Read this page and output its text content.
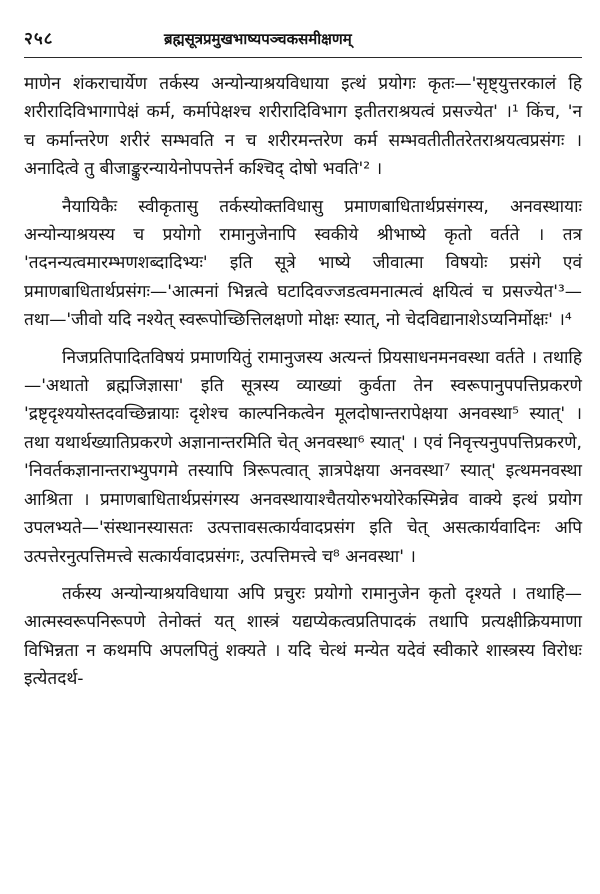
२५८	ब्रह्मसूत्रप्रमुखभाष्यपञ्चकसमीक्षणम्

माणेन शंकराचार्येण तर्कस्य अन्योन्याश्रयविधाया इत्थं प्रयोगः कृतः—'सृष्ट्युत्तरकालं हि शरीरादिविभागापेक्षं कर्म, कर्मापेक्षश्च शरीरादिविभाग इतीतराश्रयत्वं प्रसज्येत' ।¹ किंच, 'न च कर्मान्तरेण शरीरं सम्भवति न च शरीरमन्तरेण कर्म सम्भवतीतीतरेतराश्रयत्वप्रसंगः । अनादित्वे तु बीजाङ्कुरन्यायेनोपपत्तेर्न कश्चिद् दोषो भवति'² ।

नैयायिकैः स्वीकृतासु तर्कस्योक्तविधासु प्रमाणबाधितार्थप्रसंगस्य, अनवस्थायाः अन्योन्याश्रयस्य च प्रयोगो रामानुजेनापि स्वकीये श्रीभाष्ये कृतो वर्तते । तत्र 'तदनन्यत्वमारम्भणशब्दादिभ्यः' इति सूत्रे भाष्ये जीवात्मा विषयोः प्रसंगे एवं प्रमाणबाधितार्थप्रसंगः—'आत्मनां भिन्नत्वे घटादिवज्जडत्वमनात्मत्वं क्षयित्वं च प्रसज्येत'³—तथा—'जीवो यदि नश्येत् स्वरूपोच्छित्तिलक्षणो मोक्षः स्यात्, नो चेदविद्यानाशेऽप्यनिर्मोक्षः' ।⁴

निजप्रतिपादितविषयं प्रमाणयितुं रामानुजस्य अत्यन्तं प्रियसाधनमनवस्था वर्तते । तथाहि—'अथातो ब्रह्मजिज्ञासा' इति सूत्रस्य व्याख्यां कुर्वता तेन स्वरूपानुपपत्तिप्रकरणे 'द्रष्टृदृश्ययोस्तदवच्छिन्नायाः दृशेश्च काल्पनिकत्वेन मूलदोषान्तरापेक्षया अनवस्था⁵ स्यात्' । तथा यथार्थख्यातिप्रकरणे अज्ञानान्तरमिति चेत् अनवस्था⁶ स्यात्' । एवं निवृत्त्यनुपपत्तिप्रकरणे, 'निवर्तकज्ञानान्तराभ्युपगमे तस्यापि त्रिरूपत्वात् ज्ञात्रपेक्षया अनवस्था⁷ स्यात्' इत्थमनवस्था आश्रिता । प्रमाणबाधितार्थप्रसंगस्य अनवस्थायाश्चैतयोरुभयोरेकस्मिन्नेव वाक्ये इत्थं प्रयोग उपलभ्यते—'संस्थानस्यासतः उत्पत्तावसत्कार्यवादप्रसंग इति चेत् असत्कार्यवादिनः अपि उत्पत्तेरनुत्पत्तिमत्त्वे सत्कार्यवादप्रसंगः, उत्पत्तिमत्त्वे च⁸ अनवस्था' ।

तर्कस्य अन्योन्याश्रयविधाया अपि प्रचुरः प्रयोगो रामानुजेन कृतो दृश्यते । तथाहि—आत्मस्वरूपनिरूपणे तेनोक्तं यत् शास्त्रं यद्यप्येकत्वप्रतिपादकं तथापि प्रत्यक्षीक्रियमाणा विभिन्नता न कथमपि अपलपितुं शक्यते । यदि चेत्थं मन्येत यदेवं स्वीकारे शास्त्रस्य विरोधः इत्येतदर्थ-
